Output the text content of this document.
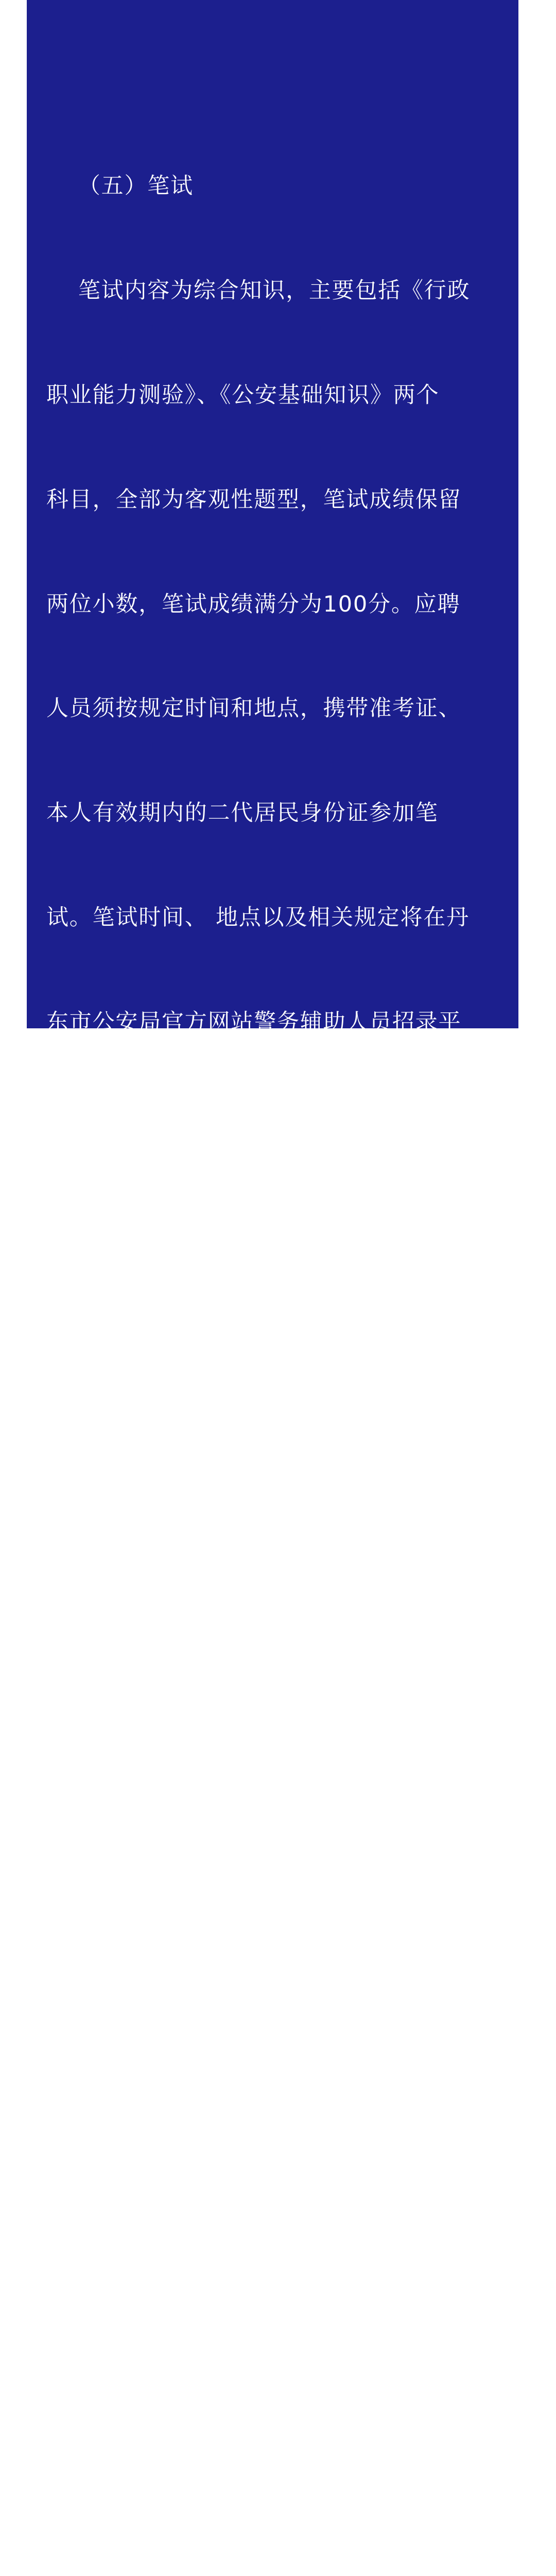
（五）笔试

笔试内容为综合知识，主要包括《行政

职业能力测验》、《公安基础知识》两个

科目，全部为客观性题型，笔试成绩保留

两位小数，笔试成绩满分为100分。应聘

人员须按规定时间和地点，携带准考证、

本人有效期内的二代居民身份证参加笔

试。笔试时间、 地点以及相关规定将在丹

东市公安局官方网站警务辅助人员招录平

台发布。笔试阅卷结束后，根据笔试成绩

（含笔试加分）汇总分析，确定笔试合格

分数线，未达到合格分数线不得参加体能

测试。笔试结束后，应聘人员可通过丹东

市公安局官方网站警务辅助人员招录平台

查询笔试成绩。

（六）体能测试

1.依照笔试成绩从高到低的顺序，按照

招聘计划不超过1:1.5的比例进入体能测

试，最后一名的笔试成绩如出现并列者，

同时参加体能测试。
